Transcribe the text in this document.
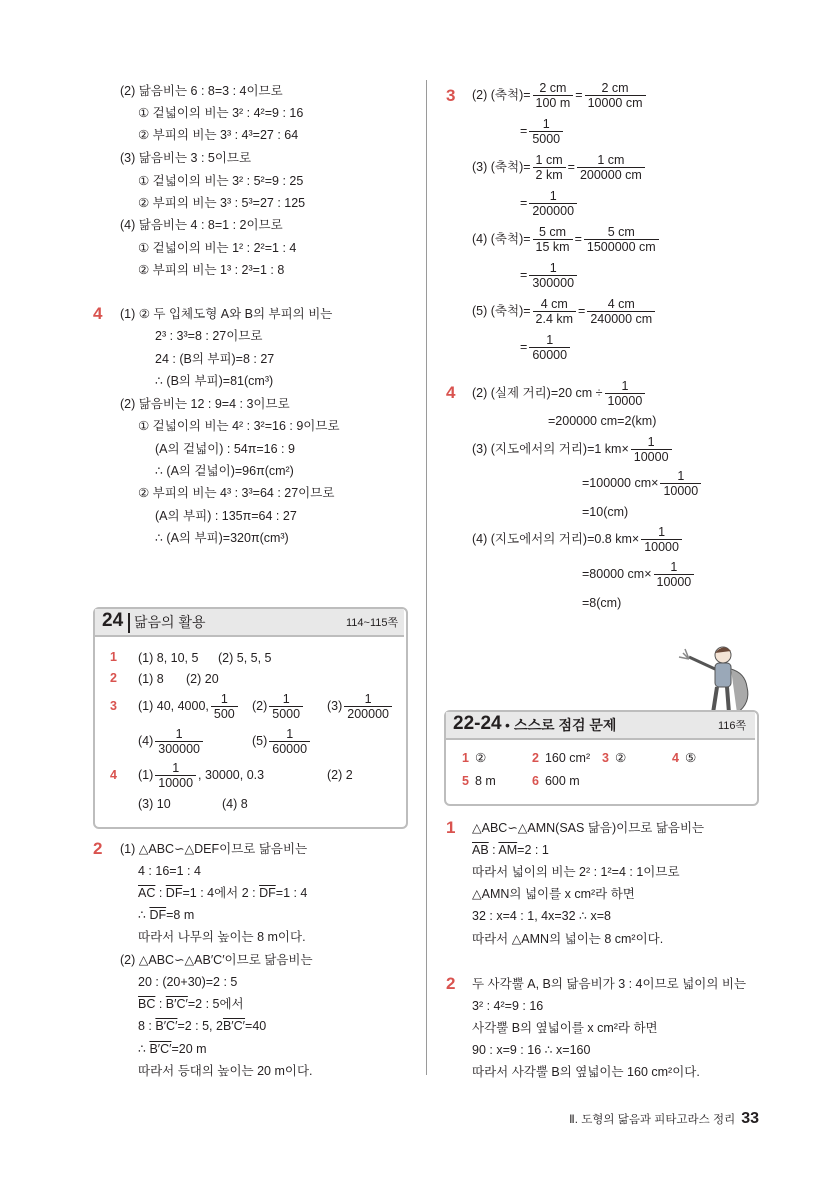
(2) 닮음비는 6 : 8=3 : 4이므로
① 겉넓이의 비는 3² : 4²=9 : 16
② 부피의 비는 3³ : 4³=27 : 64
(3) 닮음비는 3 : 5이므로
① 겉넓이의 비는 3² : 5²=9 : 25
② 부피의 비는 3³ : 5³=27 : 125
(4) 닮음비는 4 : 8=1 : 2이므로
① 겉넓이의 비는 1² : 2²=1 : 4
② 부피의 비는 1³ : 2³=1 : 8
4 (1) ② 두 입체도형 A와 B의 부피의 비는
2³ : 3³=8 : 27이므로
24 : (B의 부피)=8 : 27
∴ (B의 부피)=81(cm³)
(2) 닮음비는 12 : 9=4 : 3이므로
① 겉넓이의 비는 4² : 3²=16 : 9이므로
(A의 겉넓이) : 54π=16 : 9
∴ (A의 겉넓이)=96π(cm²)
② 부피의 비는 4³ : 3³=64 : 27이므로
(A의 부피) : 135π=64 : 27
∴ (A의 부피)=320π(cm³)
24 닮음의 활용	114~115쪽
1	(1) 8, 10, 5 (2) 5, 5, 5
2	(1) 8 (2) 20
3	(1) 40, 4000, $\frac{1}{500} (2) \frac{1}{5000} (3) \frac{1}{200000}$
$(4) \frac{1}{300000}$	$(5) \frac{1}{60000}$
4	$(1) \frac{1}{10000}$ , 30000, 0.3	(2) 2
(3) 10	(4) 8
2 (1) △ABC∽△DEF이므로 닮음비는
4 : 16=1 : 4
$\overline{AC}$ : $\overline{DF}=1$ : 4에서 2 : $\overline{DF}=1$ : 4
∴ $\overline{DF}=8$ m
따라서 나무의 높이는 8 m이다.
(2) △ABC∽△AB′C′이므로 닮음비는
20 : (20+30)=2 : 5
$\overline{BC}$ : B′C′=2 : 5에서
8 : B′C′=2 : 5, 2B′C′=40
∴ B′C′=20 m
따라서 등대의 높이는 20 m이다.
3 (2) (축척)= $\frac{2 cm}{100 m} = \frac{2 cm}{10000 cm}$
= $\frac{1}{5000}$
(3) (축척)= $\frac{1 cm}{2 km} = \frac{1 cm}{200000 cm}$
= $\frac{1}{200000}$
(4) (축척)= $\frac{5 cm}{15 km} = \frac{5 cm}{1500000 cm}$
= $\frac{1}{300000}$
(5) (축척)= $\frac{4 cm}{2.4 km} = \frac{4 cm}{240000 cm}$
= $\frac{1}{60000}$
4 (2) (실제 거리)=20 cm ÷ $\frac{1}{10000}$
=200000 cm=2(km)
(3) (지도에서의 거리)=1 $km\times \frac{1}{10000}$
=100000 $cm\times \frac{1}{10000}$
=10(cm)
(4) (지도에서의 거리)=0.8 $km\times \frac{1}{10000}$
=80000 $cm\times \frac{1}{10000}$
=8(cm)
22-24 • 스스로 점검 문제	116쪽
1 ②	2 160 cm² 3 ②	4 ⑤
5 8 m	6 600 m
1 △ABC∽△AMN(SAS 닮음)이므로 닮음비는
$\overline{AB}$ : $\overline{AM}=2$ : 1
따라서 넓이의 비는 2² : 1²=4 : 1이므로
△AMN의 넓이를 x cm²라 하면
32 : x=4 : 1, 4x=32 ∴ x=8
따라서 △AMN의 넓이는 8 cm²이다.
2 두 사각뿔 A, B의 닮음비가 3 : 4이므로 넓이의 비는
3² : 4²=9 : 16
사각뿔 B의 옆넓이를 x cm²라 하면
90 : x=9 : 16 ∴ x=160
따라서 사각뿔 B의 옆넓이는 160 cm²이다.
Ⅱ. 도형의 닮음과 피타고라스 정리 33
